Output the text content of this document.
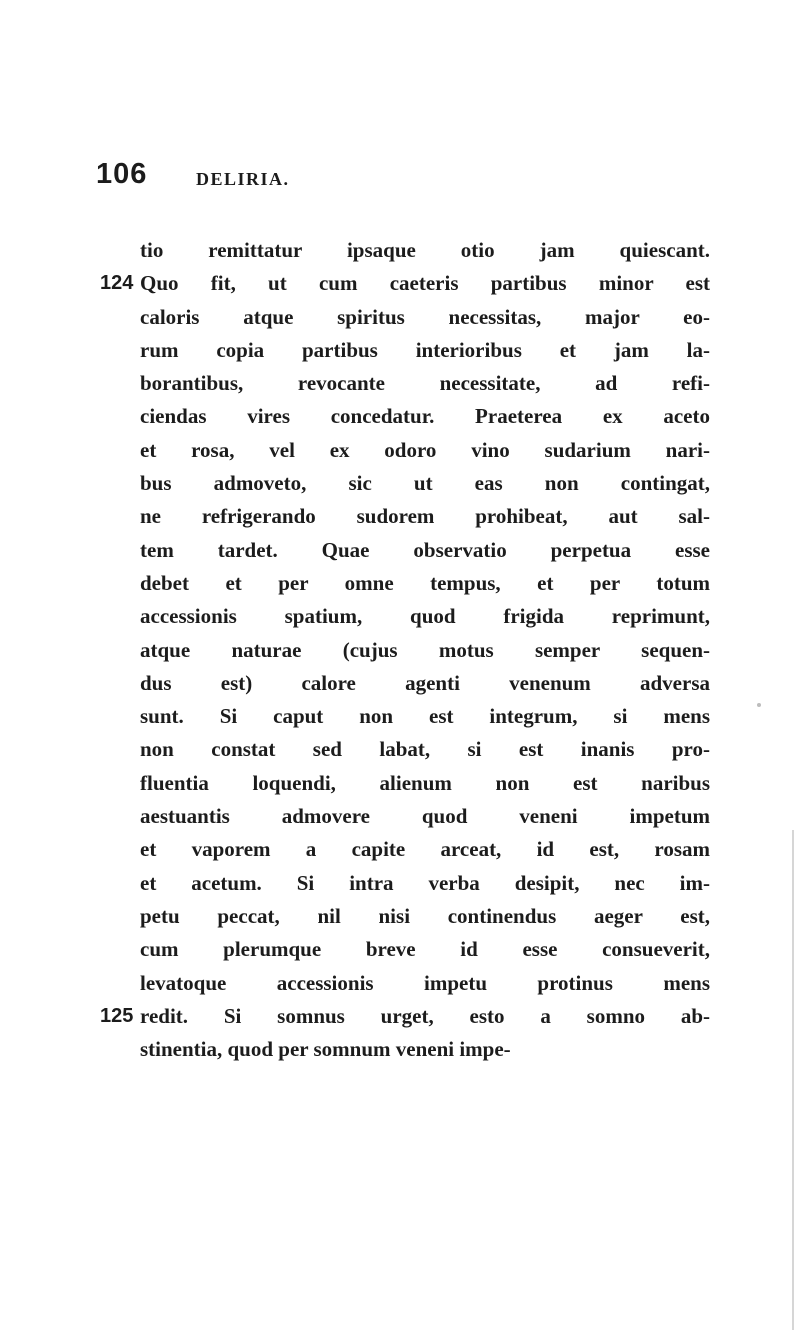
106	DELIRIA.
tio remittatur ipsaque otio jam quiescant.
124 Quo fit, ut cum caeteris partibus minor est
caloris atque spiritus necessitas, major eo-
rum copia partibus interioribus et jam la-
borantibus, revocante necessitate, ad refi-
ciendas vires concedatur. Praeterea ex aceto
et rosa, vel ex odoro vino sudarium nari-
bus admoveto, sic ut eas non contingat,
ne refrigerando sudorem prohibeat, aut sal-
tem tardet. Quae observatio perpetua esse
debet et per omne tempus, et per totum
accessionis spatium, quod frigida reprimunt,
atque naturae (cujus motus semper sequen-
dus est) calore agenti venenum adversa
sunt. Si caput non est integrum, si mens
non constat sed labat, si est inanis pro-
fluentia loquendi, alienum non est naribus
aestuantis admovere quod veneni impetum
et vaporem a capite arceat, id est, rosam
et acetum. Si intra verba desipit, nec im-
petu peccat, nil nisi continendus aeger est,
cum plerumque breve id esse consueverit,
levatoque accessionis impetu protinus mens
125 redit. Si somnus urget, esto a somno ab-
stinentia, quod per somnum veneni impe-
